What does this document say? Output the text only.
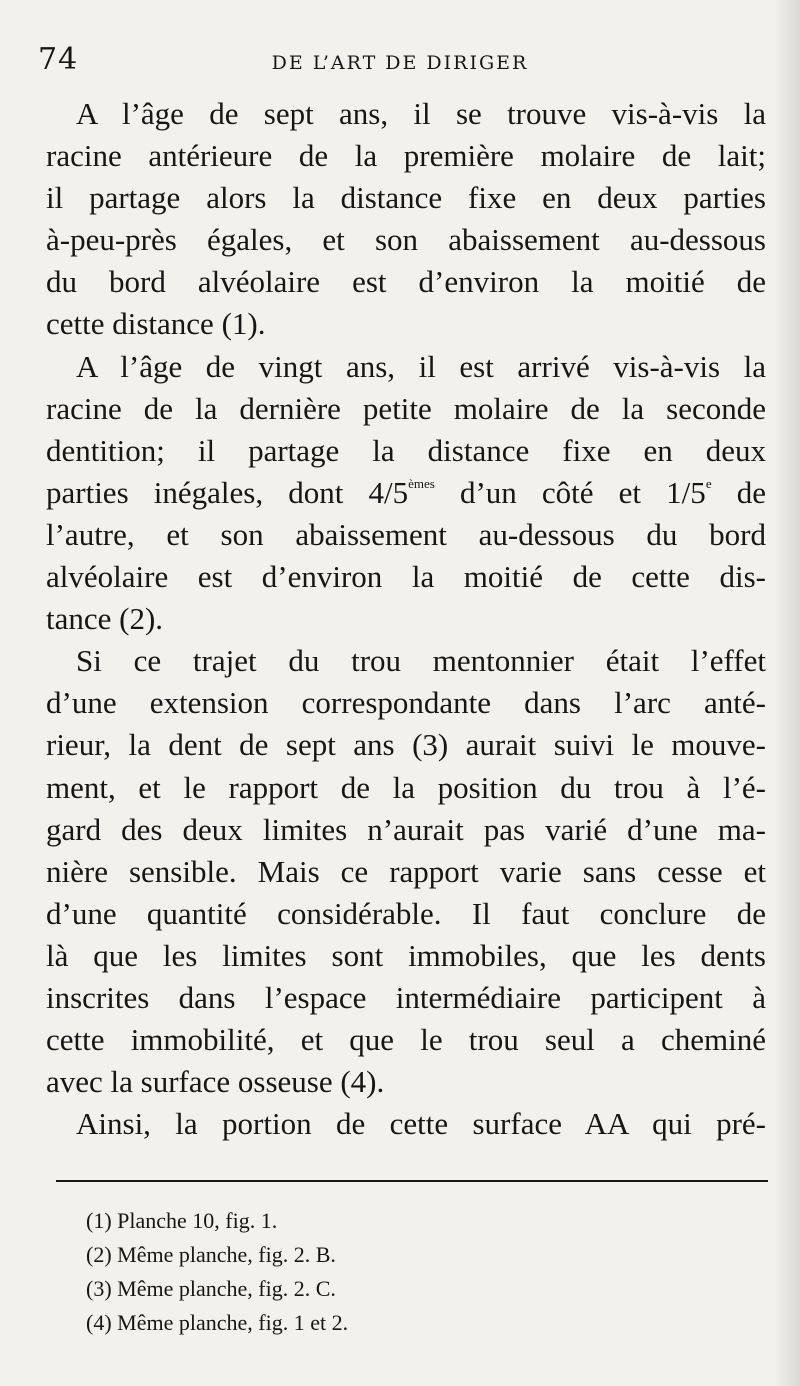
74	DE L’ART DE DIRIGER
A l’âge de sept ans, il se trouve vis-à-vis la
racine antérieure de la première molaire de lait;
il partage alors la distance fixe en deux parties
à-peu-près égales, et son abaissement au-dessous
du bord alvéolaire est d’environ la moitié de
cette distance (1).
A l’âge de vingt ans, il est arrivé vis-à-vis la
racine de la dernière petite molaire de la seconde
dentition; il partage la distance fixe en deux
parties inégales, dont 4/5èmes d’un côté et 1/5e de
l’autre, et son abaissement au-dessous du bord
alvéolaire est d’environ la moitié de cette dis-
tance (2).
Si ce trajet du trou mentonnier était l’effet
d’une extension correspondante dans l’arc anté-
rieur, la dent de sept ans (3) aurait suivi le mouve-
ment, et le rapport de la position du trou à l’é-
gard des deux limites n’aurait pas varié d’une ma-
nière sensible. Mais ce rapport varie sans cesse et
d’une quantité considérable. Il faut conclure de
là que les limites sont immobiles, que les dents
inscrites dans l’espace intermédiaire participent à
cette immobilité, et que le trou seul a cheminé
avec la surface osseuse (4).
Ainsi, la portion de cette surface AA qui pré-
(1) Planche 10, fig. 1.
(2) Même planche, fig. 2. B.
(3) Même planche, fig. 2. C.
(4) Même planche, fig. 1 et 2.
